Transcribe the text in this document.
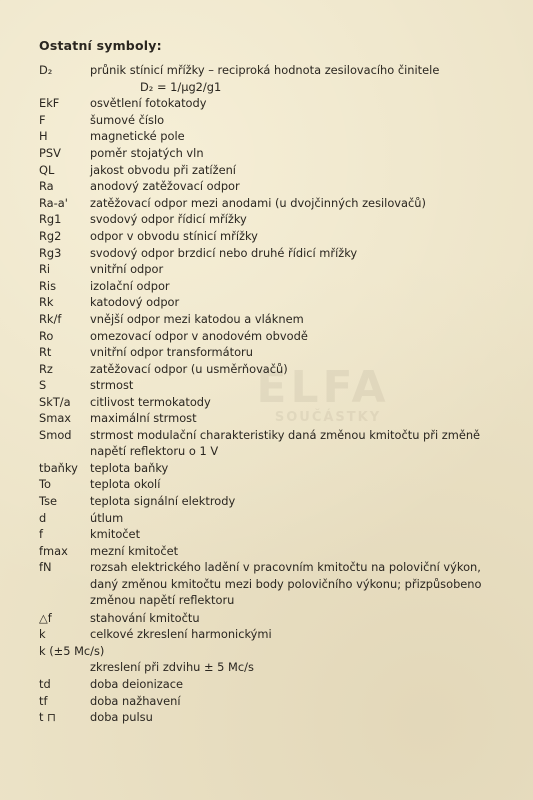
ELFA
SOUČÁSTKY
Ostatní symboly:
D₂	průnik stínicí mřížky – reciproká hodnota zesilovacího činitele
D₂ = 1/μg2/g1
EkF	osvětlení fotokatody
F	šumové číslo
H	magnetické pole
PSV	poměr stojatých vln
QL	jakost obvodu při zatížení
Ra	anodový zatěžovací odpor
Ra-a'	zatěžovací odpor mezi anodami (u dvojčinných zesilovačů)
Rg1	svodový odpor řídicí mřížky
Rg2	odpor v obvodu stínicí mřížky
Rg3	svodový odpor brzdicí nebo druhé řídicí mřížky
Ri	vnitřní odpor
Ris	izolační odpor
Rk	katodový odpor
Rk/f	vnější odpor mezi katodou a vláknem
Ro	omezovací odpor v anodovém obvodě
Rt	vnitřní odpor transformátoru
Rz	zatěžovací odpor (u usměrňovačů)
S	strmost
SkT/a	citlivost termokatody
Smax	maximální strmost
Smod	strmost modulační charakteristiky daná změnou kmitočtu při změně napětí reflektoru o 1 V
tbaňky	teplota baňky
To	teplota okolí
Tse	teplota signální elektrody
d	útlum
f	kmitočet
fmax	mezní kmitočet
fN	rozsah elektrického ladění v pracovním kmitočtu na poloviční výkon, daný změnou kmitočtu mezi body polovičního výkonu; přizpůsobeno změnou napětí reflektoru
△f	stahování kmitočtu
k	celkové zkreslení harmonickými
k (±5 Mc/s)
zkreslení při zdvihu ± 5 Mc/s
td	doba deionizace
tf	doba nažhavení
t ⊓	doba pulsu
